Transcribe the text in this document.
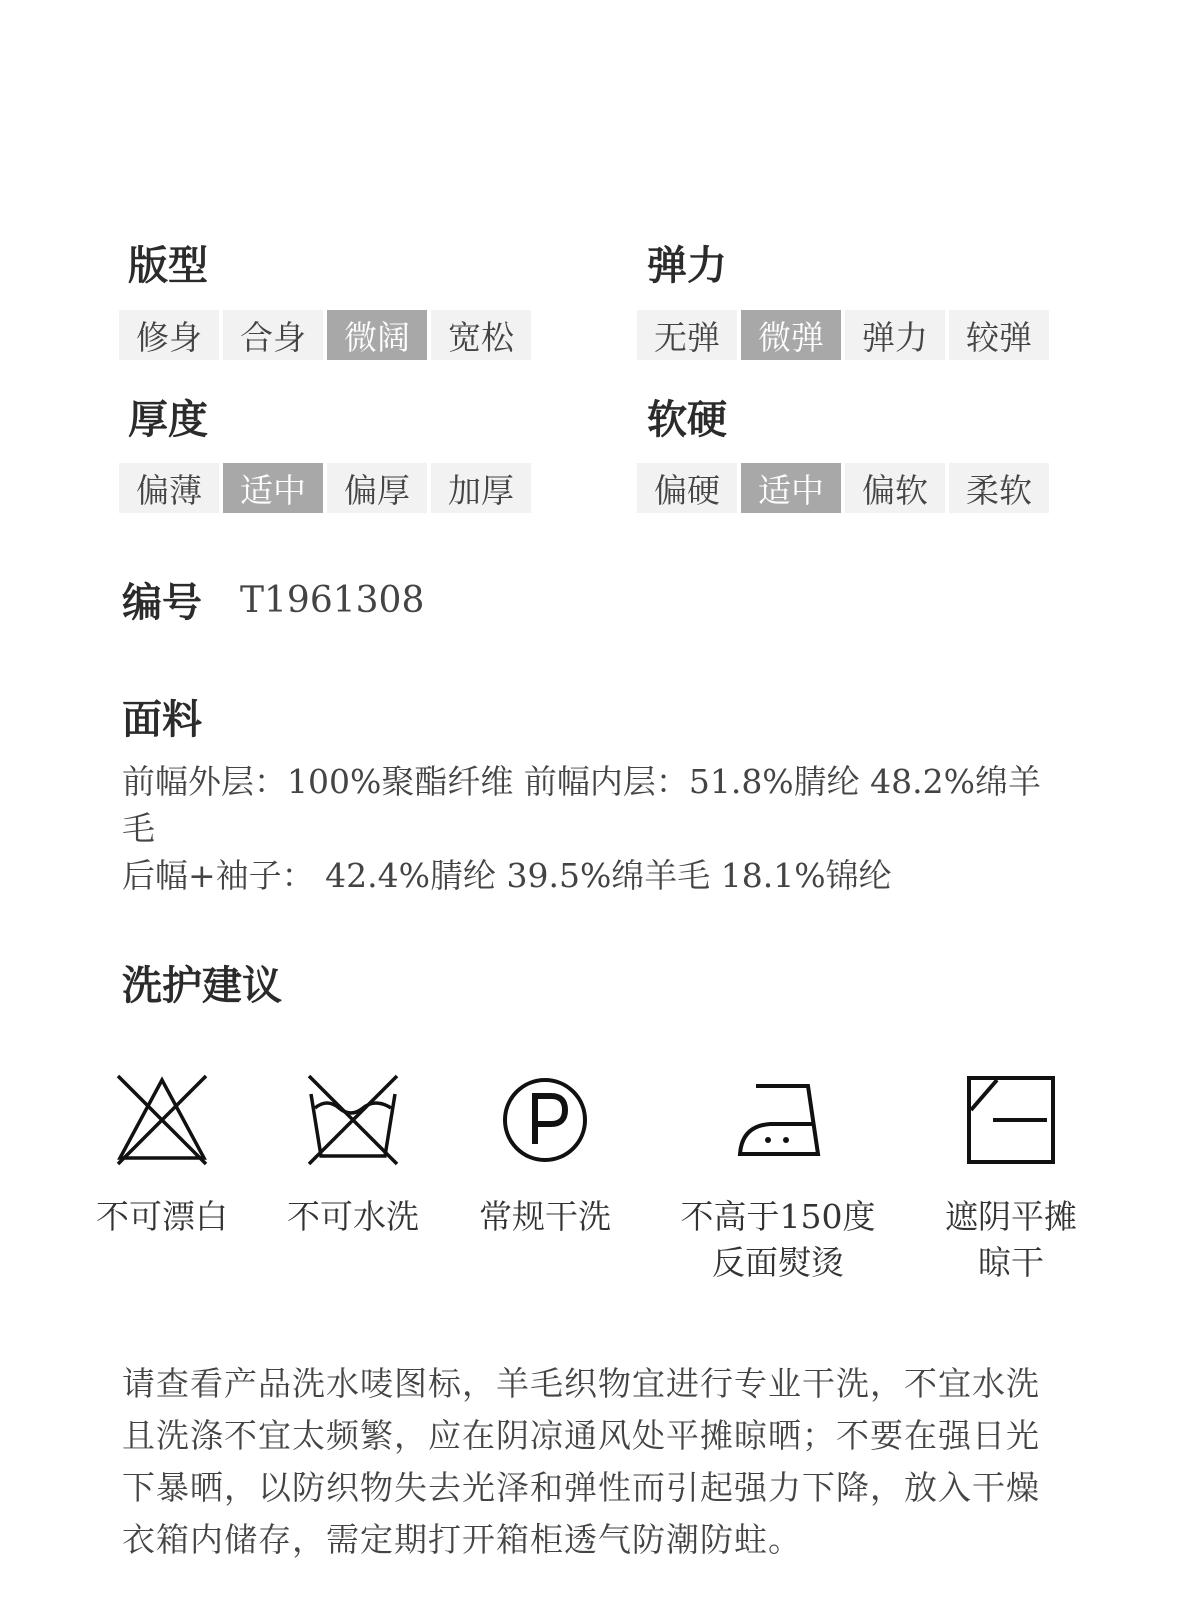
版型
修身	合身	微阔	宽松
弹力
无弹	微弹	弹力	较弹
厚度
偏薄	适中	偏厚	加厚
软硬
偏硬	适中	偏软	柔软
编号 T1961308
面料
前幅外层：100%聚酯纤维 前幅内层：51.8%腈纶 48.2%绵羊毛
后幅+袖子： 42.4%腈纶 39.5%绵羊毛 18.1%锦纶
洗护建议
不可漂白	不可水洗	常规干洗	不高于150度
反面熨烫
遮阴平摊
晾干
请查看产品洗水唛图标，羊毛织物宜进行专业干洗，不宜水洗且洗涤不宜太频繁，应在阴凉通风处平摊晾晒；不要在强日光下暴晒，以防织物失去光泽和弹性而引起强力下降，放入干燥衣箱内储存，需定期打开箱柜透气防潮防蛀。
